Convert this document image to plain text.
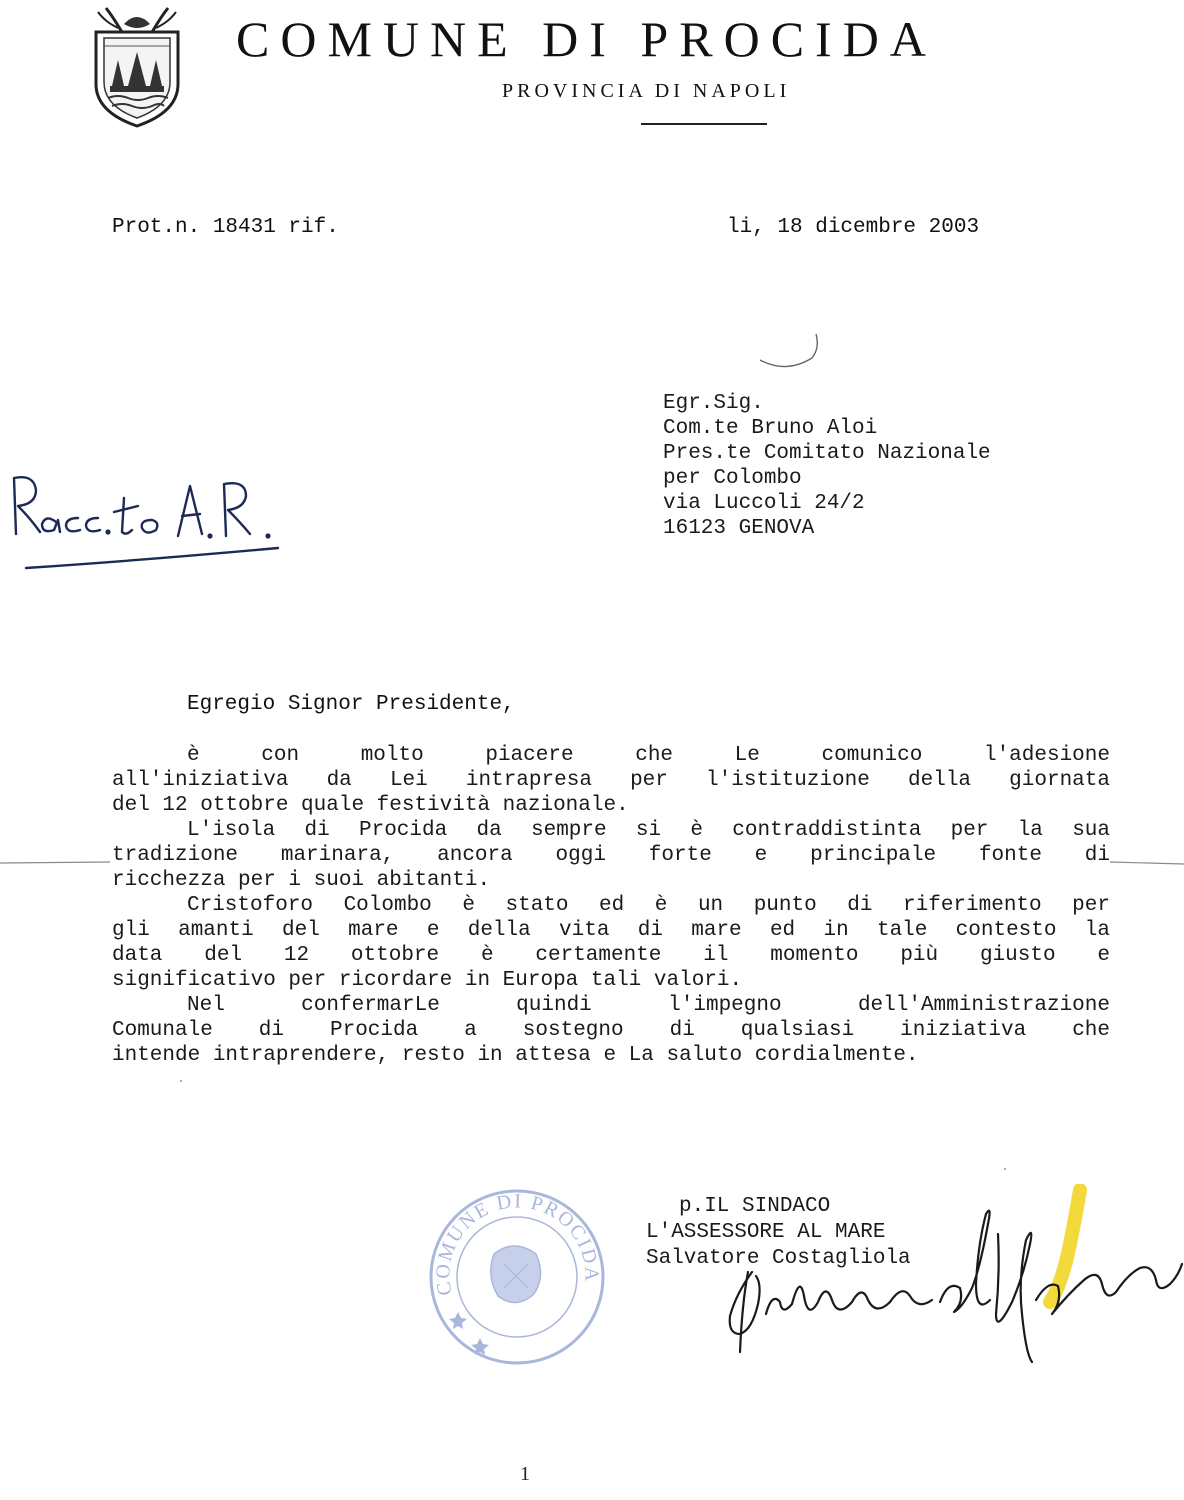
COMUNE DI PROCIDA
PROVINCIA DI NAPOLI
Prot.n. 18431 rif.	li, 18 dicembre 2003
Egr.Sig.
Com.te Bruno Aloi
Pres.te Comitato Nazionale
per Colombo
via Luccoli 24/2
16123 GENOVA
Egregio Signor Presidente,
è con molto piacere che Le comunico l'adesione
all'iniziativa da Lei intrapresa per l'istituzione della giornata
del 12 ottobre quale festività nazionale.
L'isola di Procida da sempre si è contraddistinta per la sua
tradizione marinara, ancora oggi forte e principale fonte di
ricchezza per i suoi abitanti.
Cristoforo Colombo è stato ed è un punto di riferimento per
gli amanti del mare e della vita di mare ed in tale contesto la
data del 12 ottobre è certamente il momento più giusto e
significativo per ricordare in Europa tali valori.
Nel confermarLe quindi l'impegno dell'Amministrazione
Comunale di Procida a sostegno di qualsiasi iniziativa che
intende intraprendere, resto in attesa e La saluto cordialmente.
COMUNE DI PROCIDA
p.IL SINDACO
L'ASSESSORE AL MARE
Salvatore Costagliola
1
